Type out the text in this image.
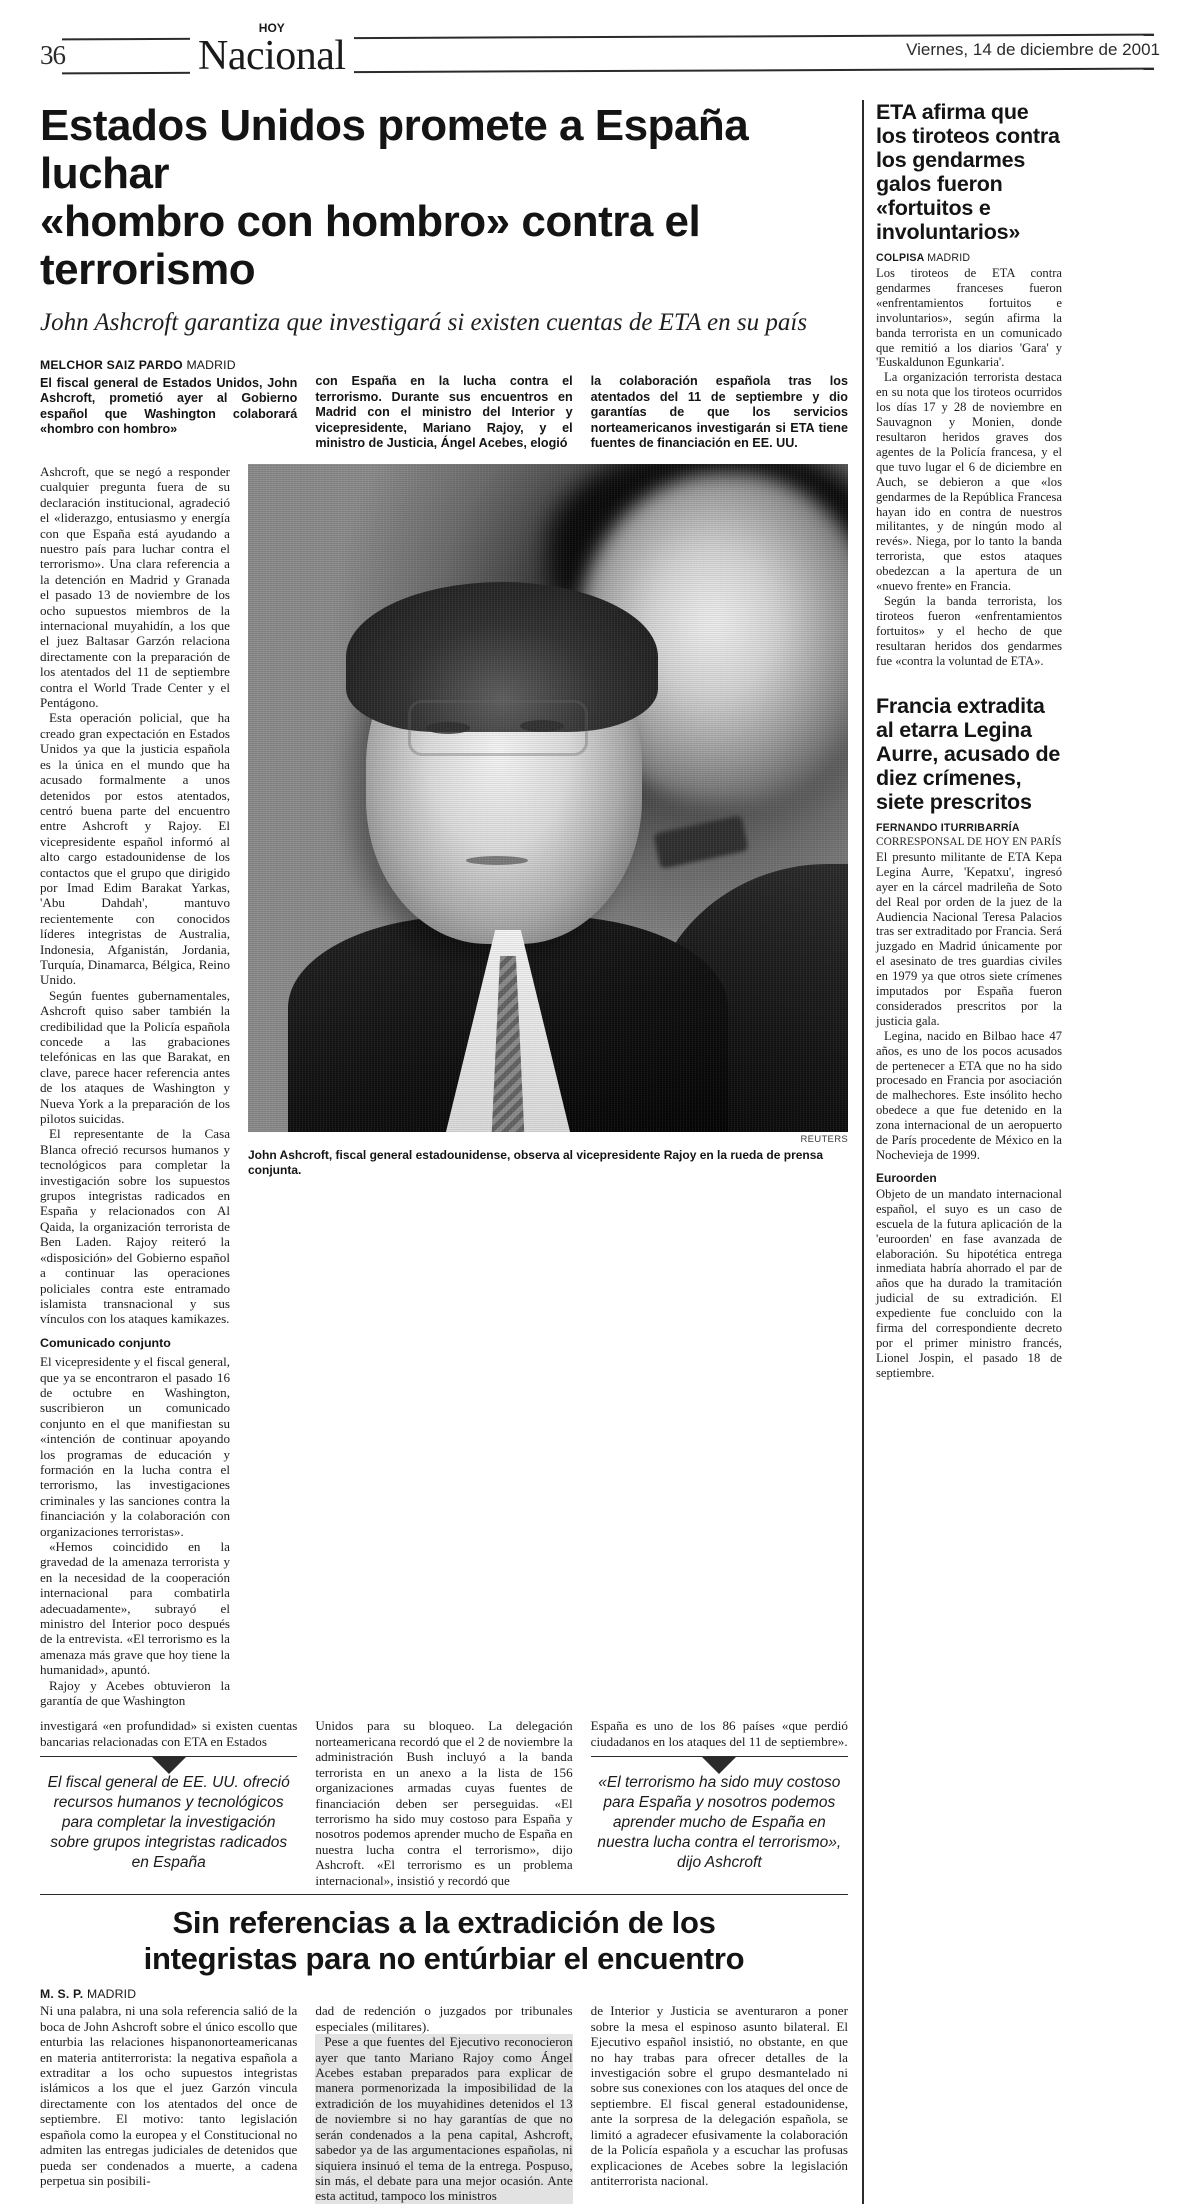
36
HOY
Nacional	Viernes, 14 de diciembre de 2001
Estados Unidos promete a España luchar
«hombro con hombro» contra el terrorismo
John Ashcroft garantiza que investigará si existen cuentas de ETA en su país
MELCHOR SAIZ PARDO MADRID
El fiscal general de Estados Unidos, John Ashcroft, prometió ayer al Gobierno español que Washington colaborará «hombro con hombro»
con España en la lucha contra el terrorismo. Durante sus encuentros en Madrid con el ministro del Interior y vicepresidente, Mariano Rajoy, y el ministro de Justicia, Ángel Acebes, elogió
la colaboración española tras los atentados del 11 de septiembre y dio garantías de que los servicios norteamericanos investigarán si ETA tiene fuentes de financiación en EE. UU.

Ashcroft, que se negó a responder cualquier pregunta fuera de su declaración institucional, agradeció el «liderazgo, entusiasmo y energía con que España está ayudando a nuestro país para luchar contra el terrorismo». Una clara referencia a la detención en Madrid y Granada el pasado 13 de noviembre de los ocho supuestos miembros de la internacional muyahidín, a los que el juez Baltasar Garzón relaciona directamente con la preparación de los atentados del 11 de septiembre contra el World Trade Center y el Pentágono.

Esta operación policial, que ha creado gran expectación en Estados Unidos ya que la justicia española es la única en el mundo que ha acusado formalmente a unos detenidos por estos atentados, centró buena parte del encuentro entre Ashcroft y Rajoy. El vicepresidente español informó al alto cargo estadounidense de los contactos que el grupo que dirigido por Imad Edim Barakat Yarkas, 'Abu Dahdah', mantuvo recientemente con conocidos líderes integristas de Australia, Indonesia, Afganistán, Jordania, Turquía, Dinamarca, Bélgica, Reino Unido.

Según fuentes gubernamentales, Ashcroft quiso saber también la credibilidad que la Policía española concede a las grabaciones telefónicas en las que Barakat, en clave, parece hacer referencia antes de los ataques de Washington y Nueva York a la preparación de los pilotos suicidas.

El representante de la Casa Blanca ofreció recursos humanos y tecnológicos para completar la investigación sobre los supuestos grupos integristas radicados en España y relacionados con Al Qaida, la organización terrorista de Ben Laden. Rajoy reiteró la «disposición» del Gobierno español a continuar las operaciones policiales contra este entramado islamista transnacional y sus vínculos con los ataques kamikazes.

Comunicado conjunto

El vicepresidente y el fiscal general, que ya se encontraron el pasado 16 de octubre en Washington, suscribieron un comunicado conjunto en el que manifiestan su «intención de continuar apoyando los programas de educación y formación en la lucha contra el terrorismo, las investigaciones criminales y las sanciones contra la financiación y la colaboración con organizaciones terroristas».

«Hemos coincidido en la gravedad de la amenaza terrorista y en la necesidad de la cooperación internacional para combatirla adecuadamente», subrayó el ministro del Interior poco después de la entrevista. «El terrorismo es la amenaza más grave que hoy tiene la humanidad», apuntó.

Rajoy y Acebes obtuvieron la garantía de que Washington

REUTERS
John Ashcroft, fiscal general estadounidense, observa al vicepresidente Rajoy en la rueda de prensa conjunta.

investigará «en profundidad» si existen cuentas bancarias relacionadas con ETA en Estados

El fiscal general de EE. UU. ofreció recursos humanos y tecnológicos para completar la investigación sobre grupos integristas radicados en España

Unidos para su bloqueo. La delegación norteamericana recordó que el 2 de noviembre la administración Bush incluyó a la banda terrorista en un anexo a la lista de 156 organizaciones armadas cuyas fuentes de financiación deben ser perseguidas. «El terrorismo ha sido muy costoso para España y nosotros podemos aprender mucho de España en nuestra lucha contra el terrorismo», dijo Ashcroft. «El terrorismo es un problema internacional», insistió y recordó que

España es uno de los 86 países «que perdió ciudadanos en los ataques del 11 de septiembre».

«El terrorismo ha sido muy costoso para España y nosotros podemos aprender mucho de España en nuestra lucha contra el terrorismo», dijo Ashcroft
Sin referencias a la extradición de los
integristas para no entúrbiar el encuentro
M. S. P. MADRID

Ni una palabra, ni una sola referencia salió de la boca de John Ashcroft sobre el único escollo que enturbia las relaciones hispanonorteamericanas en materia antiterrorista: la negativa española a extraditar a los ocho supuestos integristas islámicos a los que el juez Garzón vincula directamente con los atentados del once de septiembre. El motivo: tanto legislación española como la europea y el Constitucional no admiten las entregas judiciales de detenidos que pueda ser condenados a muerte, a cadena perpetua sin posibili-

dad de redención o juzgados por tribunales especiales (militares).

Pese a que fuentes del Ejecutivo reconocieron ayer que tanto Mariano Rajoy como Ángel Acebes estaban preparados para explicar de manera pormenorizada la imposibilidad de la extradición de los muyahidines detenidos el 13 de noviembre si no hay garantías de que no serán condenados a la pena capital, Ashcroft, sabedor ya de las argumentaciones españolas, ni siquiera insinuó el tema de la entrega. Pospuso, sin más, el debate para una mejor ocasión. Ante esta actitud, tampoco los ministros

de Interior y Justicia se aventuraron a poner sobre la mesa el espinoso asunto bilateral. El Ejecutivo español insistió, no obstante, en que no hay trabas para ofrecer detalles de la investigación sobre el grupo desmantelado ni sobre sus conexiones con los ataques del once de septiembre. El fiscal general estadounidense, ante la sorpresa de la delegación española, se limitó a agradecer efusivamente la colaboración de la Policía española y a escuchar las profusas explicaciones de Acebes sobre la legislación antiterrorista nacional.

ETA afirma que los tiroteos contra los gendarmes galos fueron «fortuitos e involuntarios»
COLPISA MADRID

Los tiroteos de ETA contra gendarmes franceses fueron «enfrentamientos fortuitos e involuntarios», según afirma la banda terrorista en un comunicado que remitió a los diarios 'Gara' y 'Euskaldunon Egunkaria'.

La organización terrorista destaca en su nota que los tiroteos ocurridos los días 17 y 28 de noviembre en Sauvagnon y Monien, donde resultaron heridos graves dos agentes de la Policía francesa, y el que tuvo lugar el 6 de diciembre en Auch, se debieron a que «los gendarmes de la República Francesa hayan ido en contra de nuestros militantes, y de ningún modo al revés». Niega, por lo tanto la banda terrorista, que estos ataques obedezcan a la apertura de un «nuevo frente» en Francia.

Según la banda terrorista, los tiroteos fueron «enfrentamientos fortuitos» y el hecho de que resultaran heridos dos gendarmes fue «contra la voluntad de ETA».

Francia extradita al etarra Legina Aurre, acusado de diez crímenes, siete prescritos
FERNANDO ITURRIBARRÍA
CORRESPONSAL DE HOY EN PARÍS

El presunto militante de ETA Kepa Legina Aurre, 'Kepatxu', ingresó ayer en la cárcel madrileña de Soto del Real por orden de la juez de la Audiencia Nacional Teresa Palacios tras ser extraditado por Francia. Será juzgado en Madrid únicamente por el asesinato de tres guardias civiles en 1979 ya que otros siete crímenes imputados por España fueron considerados prescritos por la justicia gala.

Legina, nacido en Bilbao hace 47 años, es uno de los pocos acusados de pertenecer a ETA que no ha sido procesado en Francia por asociación de malhechores. Este insólito hecho obedece a que fue detenido en la zona internacional de un aeropuerto de París procedente de México en la Nochevieja de 1999.

Euroorden

Objeto de un mandato internacional español, el suyo es un caso de escuela de la futura aplicación de la 'euroorden' en fase avanzada de elaboración. Su hipotética entrega inmediata habría ahorrado el par de años que ha durado la tramitación judicial de su extradición. El expediente fue concluido con la firma del correspondiente decreto por el primer ministro francés, Lionel Jospin, el pasado 18 de septiembre.
